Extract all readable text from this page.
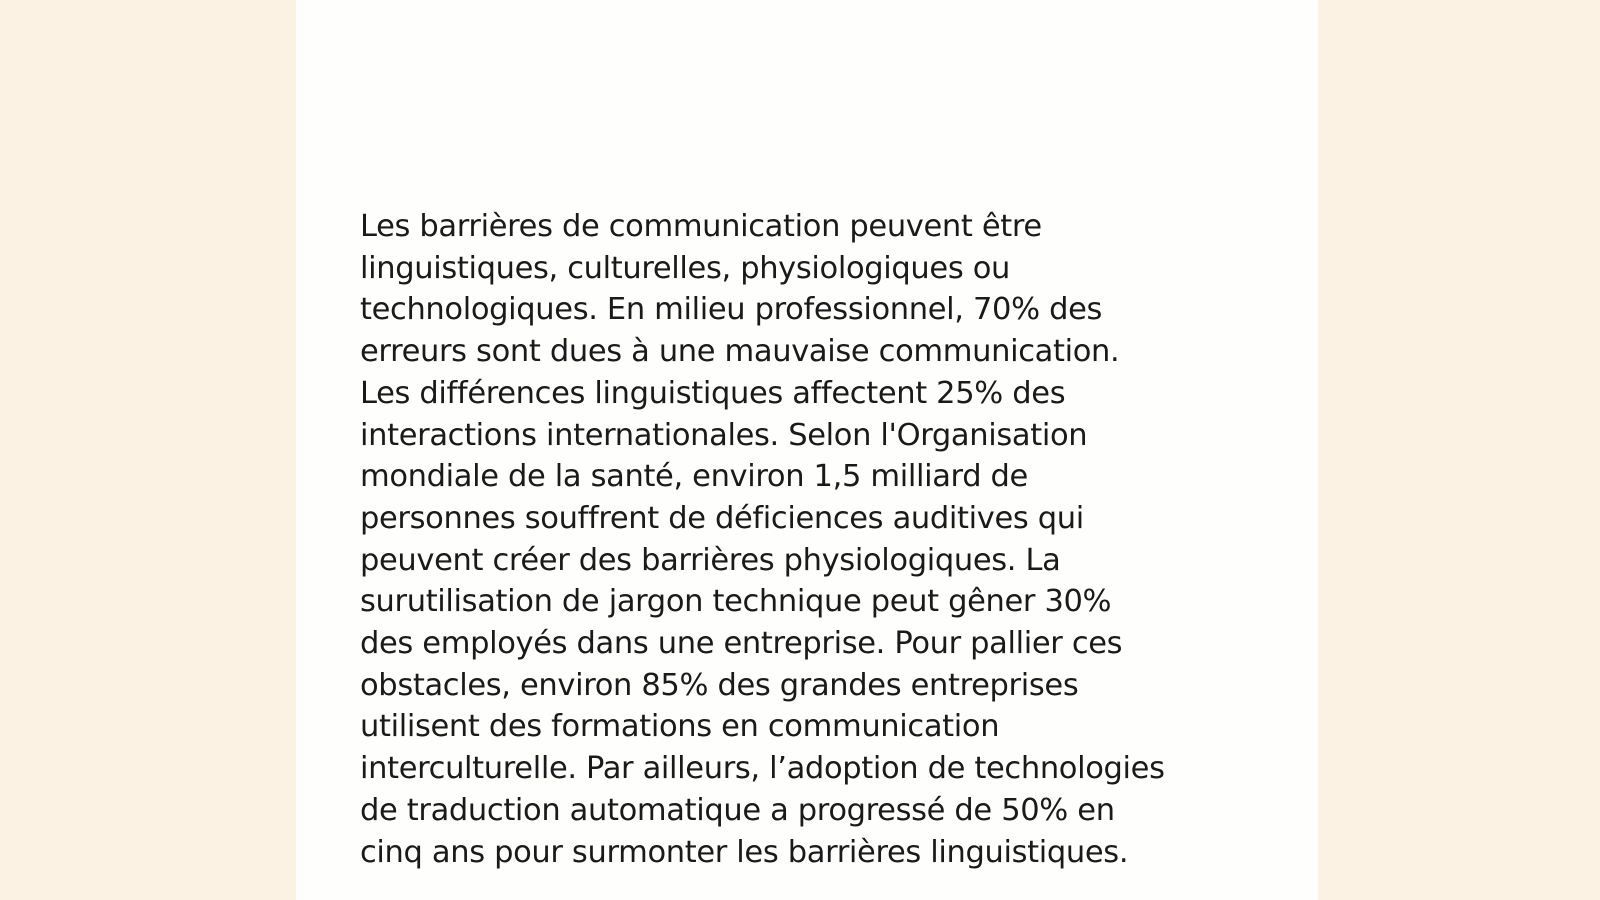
Les barrières de communication peuvent être
linguistiques, culturelles, physiologiques ou
technologiques. En milieu professionnel, 70% des
erreurs sont dues à une mauvaise communication.
Les différences linguistiques affectent 25% des
interactions internationales. Selon l'Organisation
mondiale de la santé, environ 1,5 milliard de
personnes souffrent de déficiences auditives qui
peuvent créer des barrières physiologiques. La
surutilisation de jargon technique peut gêner 30%
des employés dans une entreprise. Pour pallier ces
obstacles, environ 85% des grandes entreprises
utilisent des formations en communication
interculturelle. Par ailleurs, l’adoption de technologies
de traduction automatique a progressé de 50% en
cinq ans pour surmonter les barrières linguistiques.
